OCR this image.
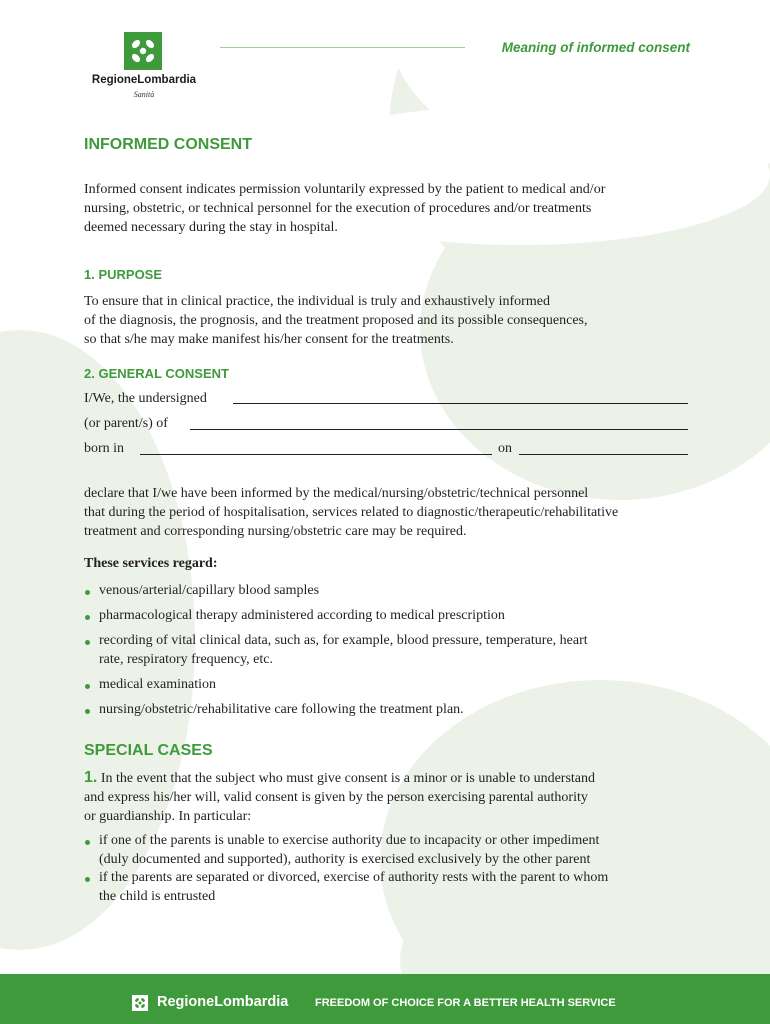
RegioneLombardia
Sanità
Meaning of informed consent
INFORMED CONSENT
Informed consent indicates permission voluntarily expressed by the patient to medical and/or
nursing, obstetric, or technical personnel for the execution of procedures and/or treatments
deemed necessary during the stay in hospital.
1. PURPOSE
To ensure that in clinical practice, the individual is truly and exhaustively informed
of the diagnosis, the prognosis, and the treatment proposed and its possible consequences,
so that s/he may make manifest his/her consent for the treatments.
2. GENERAL CONSENT
I/We, the undersigned
(or parent/s) of
born in	on
declare that I/we have been informed by the medical/nursing/obstetric/technical personnel
that during the period of hospitalisation, services related to diagnostic/therapeutic/rehabilitative
treatment and corresponding nursing/obstetric care may be required.
These services regard:
venous/arterial/capillary blood samples
pharmacological therapy administered according to medical prescription
recording of vital clinical data, such as, for example, blood pressure, temperature, heart
rate, respiratory frequency, etc.
medical examination
nursing/obstetric/rehabilitative care following the treatment plan.
SPECIAL CASES
1. In the event that the subject who must give consent is a minor or is unable to understand
and express his/her will, valid consent is given by the person exercising parental authority
or guardianship. In particular:
if one of the parents is unable to exercise authority due to incapacity or other impediment
(duly documented and supported), authority is exercised exclusively by the other parent
if the parents are separated or divorced, exercise of authority rests with the parent to whom
the child is entrusted
RegioneLombardia FREEDOM OF CHOICE FOR A BETTER HEALTH SERVICE
